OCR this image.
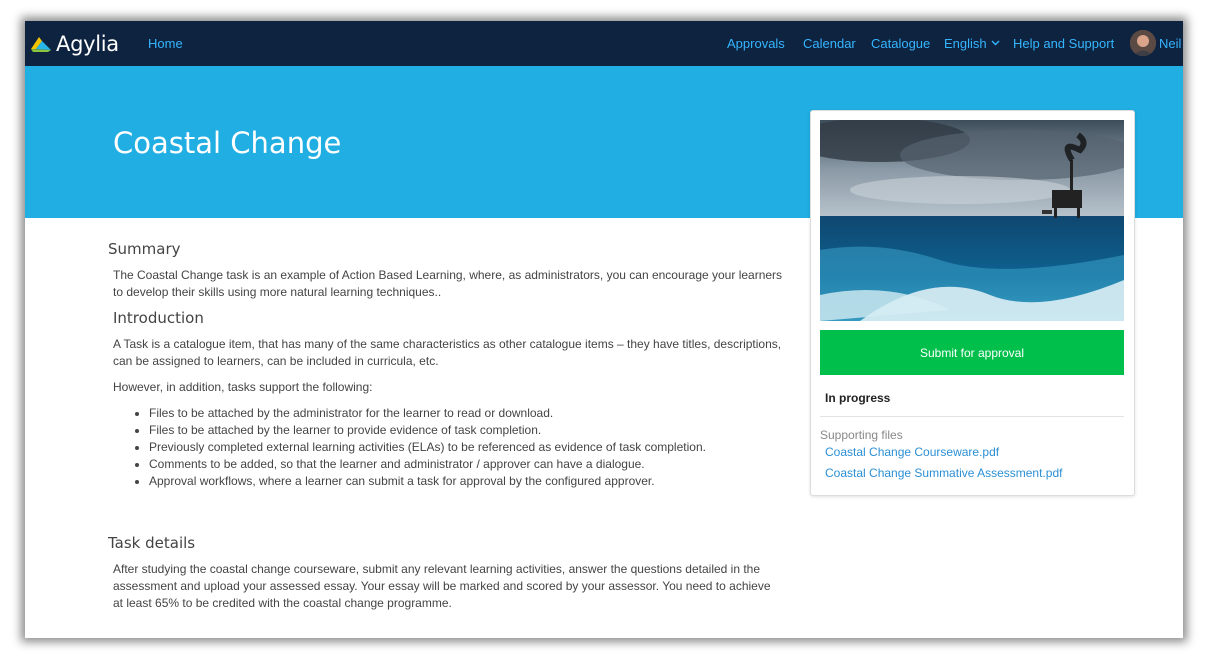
Agylia Home	Approvals Calendar Catalogue English	Help and Support	Neil
Coastal Change
Summary

The Coastal Change task is an example of Action Based Learning, where, as administrators, you can encourage your learners to develop their skills using more natural learning techniques..

Introduction

A Task is a catalogue item, that has many of the same characteristics as other catalogue items – they have titles, descriptions, can be assigned to learners, can be included in curricula, etc.

However, in addition, tasks support the following:

• Files to be attached by the administrator for the learner to read or download.
• Files to be attached by the learner to provide evidence of task completion.
• Previously completed external learning activities (ELAs) to be referenced as evidence of task completion.
• Comments to be added, so that the learner and administrator / approver can have a dialogue.
• Approval workflows, where a learner can submit a task for approval by the configured approver.
Task details

After studying the coastal change courseware, submit any relevant learning activities, answer the questions detailed in the assessment and upload your assessed essay. Your essay will be marked and scored by your assessor. You need to achieve at least 65% to be credited with the coastal change programme.

Submit for approval
In progress
Supporting files
Coastal Change Courseware.pdf
Coastal Change Summative Assessment.pdf
